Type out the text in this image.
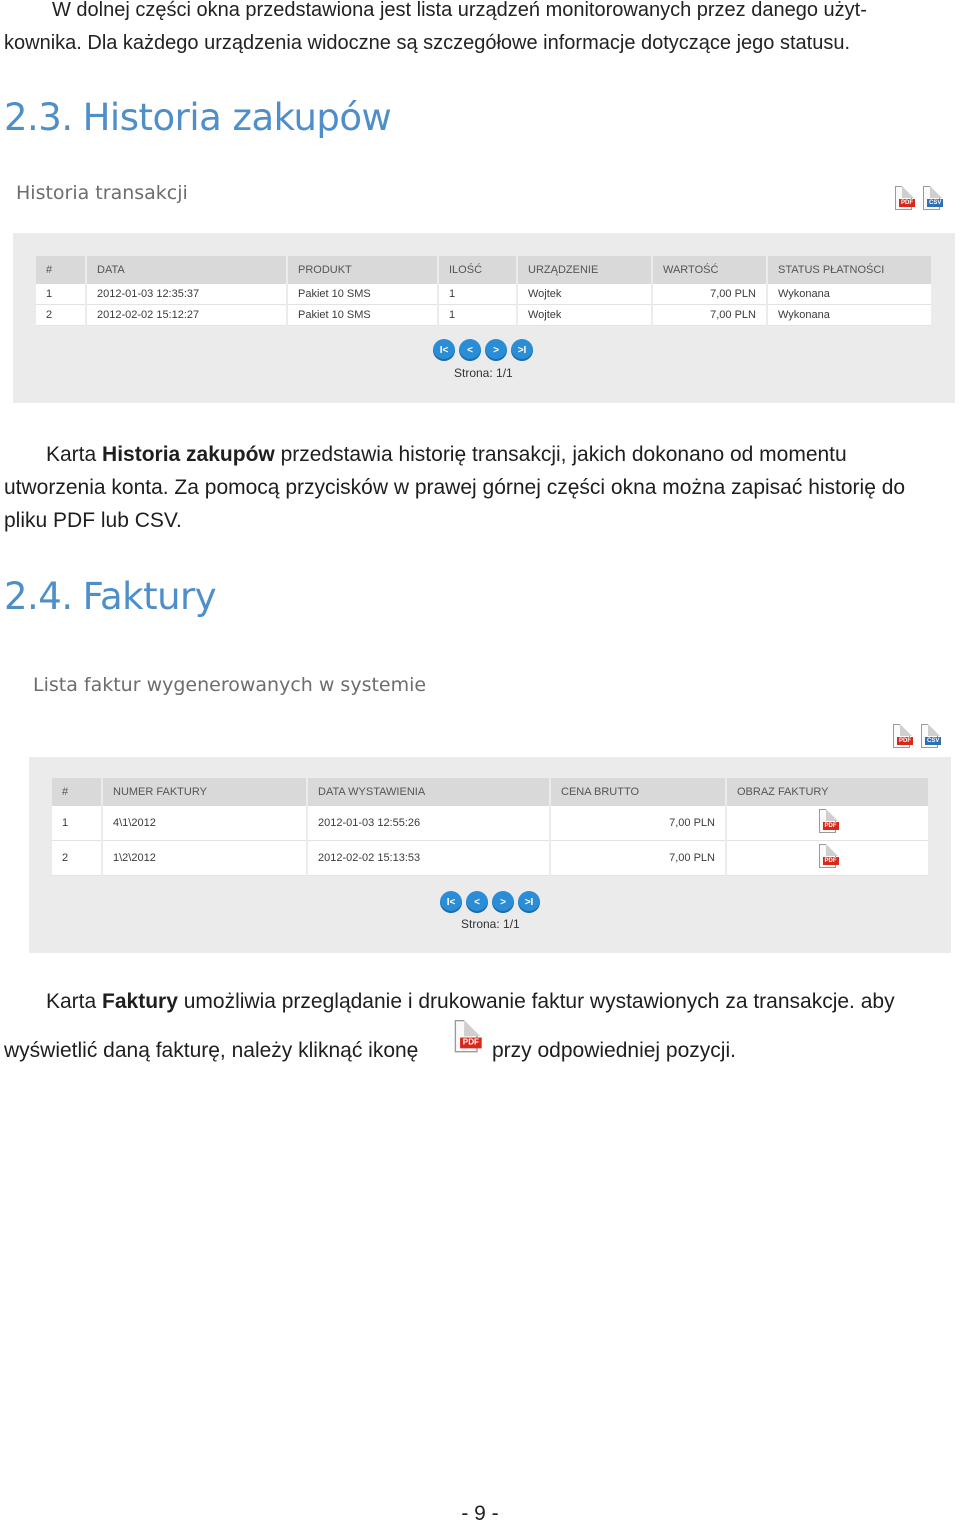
W dolnej części okna przedstawiona jest lista urządzeń monitorowanych przez danego użyt-
kownika. Dla każdego urządzenia widoczne są szczegółowe informacje dotyczące jego statusu.
2.3. Historia zakupów
Historia transakcji	PDF	CSV
#	DATA	PRODUKT	ILOŚĆ	URZĄDZENIE	WARTOŚĆ	STATUS PŁATNOŚCI
1	2012-01-03 12:35:37	Pakiet 10 SMS	1	Wojtek	7,00 PLN	Wykonana
2	2012-02-02 15:12:27	Pakiet 10 SMS	1	Wojtek	7,00 PLN	Wykonana
I<	<	>	>I
Strona: 1/1
Karta Historia zakupów przedstawia historię transakcji, jakich dokonano od momentu
utworzenia konta. Za pomocą przycisków w prawej górnej części okna można zapisać historię do
pliku PDF lub CSV.
2.4. Faktury
Lista faktur wygenerowanych w systemie
PDF	CSV
#	NUMER FAKTURY	DATA WYSTAWIENIA	CENA BRUTTO	OBRAZ FAKTURY
1	4\1\2012	2012-01-03 12:55:26	7,00 PLN	PDF

2	1\2\2012	2012-02-02 15:13:53	7,00 PLN	PDF
I<	<	>	>I
Strona: 1/1
Karta Faktury umożliwia przeglądanie i drukowanie faktur wystawionych za transakcje. aby
wyświetlić daną fakturę, należy kliknąć ikonę	PDF przy odpowiedniej pozycji.
- 9 -
